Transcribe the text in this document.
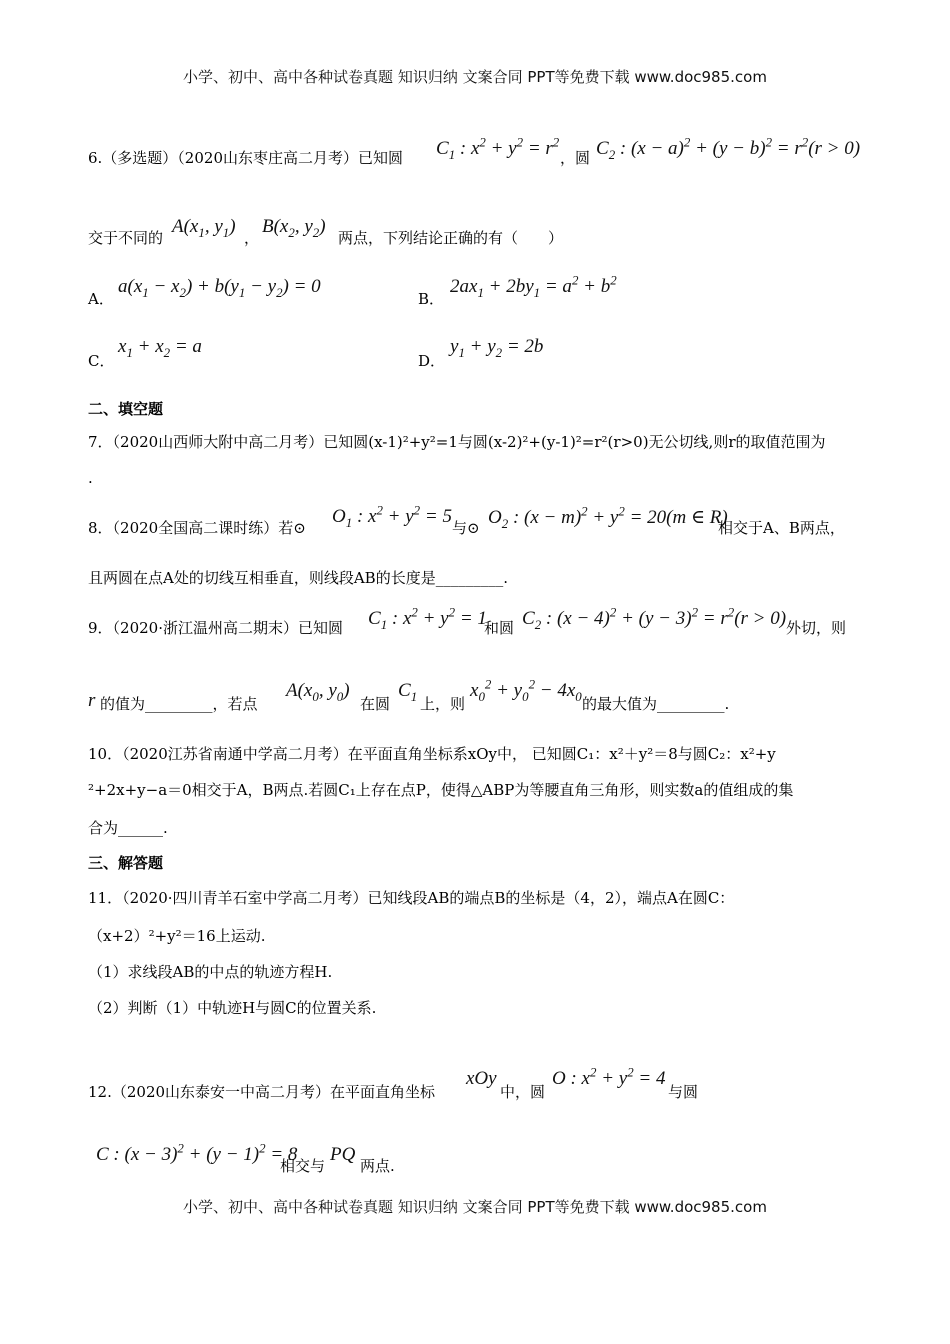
小学、初中、高中各种试卷真题 知识归纳 文案合同 PPT等免费下载 www.doc985.com
6.（多选题）（2020山东枣庄高二月考）已知圆 $C_1$ : $x^2 + y^2 = r^2$
，圆 $C_2$ : $(x - a)^2 + (y - b)^2 = r^2(r > 0)$
交于不同的
$A(x_1$, $y_1$)
，
$B(x_2$, $y_2$)
两点，下列结论正确的有（　　）
A．
$a(x_1 - x_2) + b(y_1 - y_2) = 0$
B．
$2ax_1 + 2by_1 = a^2 + b^2$
C．
$x_1 + x_2 = a$
D．
$y_1 + y_2 = 2b$
二、填空题
7．（2020山西师大附中高二月考）已知圆(x-1)²+y²=1与圆(x-2)²+(y-1)²=r²(r>0)无公切线,则r的取值范围为
.
8．（2020全国高二课时练）若⊙
$O_1$ : $x^2 + y^2 = 5$
与⊙ $O_2$ : $(x - m)^2 + y^2 = 20(m$ ∈ R)
相交于A、B两点，
且两圆在点A处的切线互相垂直，则线段AB的长度是_________.
9．（2020·浙江温州高二期末）已知圆 $C_1$ : $x^2 + y^2 = 1$
和圆 $C_2$ : $(x - 4)^2 + (y - 3)^2 = r^2(r > 0)$ 外切，则
r 的值为_________，若点
$A(x_0$, $y_0$)
在圆
$C_1$ 上，则
$x_0^2 + y_0^2 - 4x_0$ 的最大值为_________.
10．（2020江苏省南通中学高二月考）在平面直角坐标系xOy中， 已知圆C₁：x²＋y²＝8与圆C₂：x²+y
²+2x+y−a＝0相交于A，B两点.若圆C₁上存在点P，使得△ABP为等腰直角三角形，则实数a的值组成的集
合为______.
三、解答题
11．（2020·四川青羊石室中学高二月考）已知线段AB的端点B的坐标是（4，2），端点A在圆C：
（x+2）²+y²＝16上运动.
（1）求线段AB的中点的轨迹方程H.
（2）判断（1）中轨迹H与圆C的位置关系.
12.（2020山东泰安一中高二月考）在平面直角坐标
xOy
中，圆
O : $x^2 + y^2 = 4$
与圆
C : $(x - 3)^2 + (y - 1)^2 = 8$
相交与
PQ
两点.
小学、初中、高中各种试卷真题 知识归纳 文案合同 PPT等免费下载 www.doc985.com
